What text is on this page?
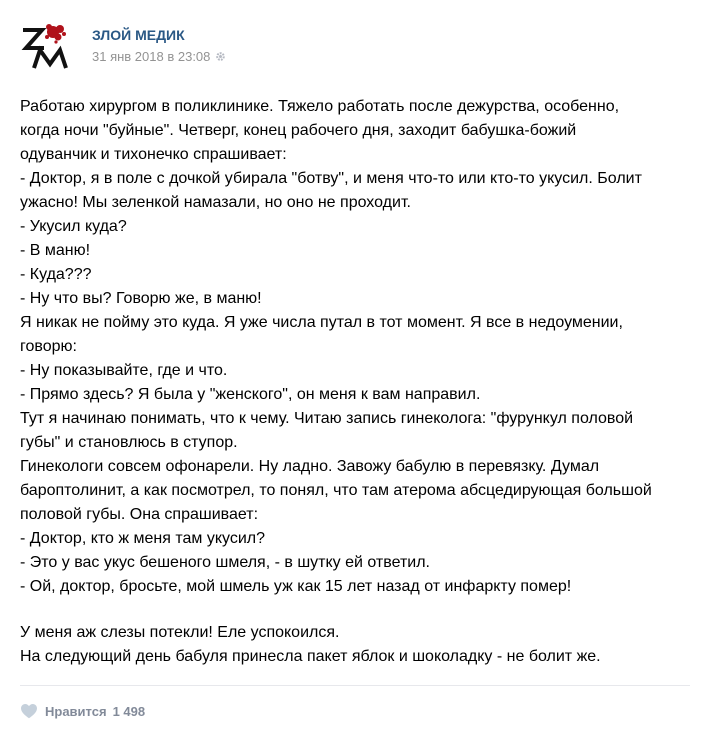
ЗЛОЙ МЕДИК
31 янв 2018 в 23:08

Работаю хирургом в поликлинике. Тяжело работать после дежурства, особенно,

когда ночи "буйные". Четверг, конец рабочего дня, заходит бабушка-божий

одуванчик и тихонечко спрашивает:

- Доктор, я в поле с дочкой убирала "ботву", и меня что-то или кто-то укусил. Болит

ужасно! Мы зеленкой намазали, но оно не проходит.

- Укусил куда?

- В маню!

- Куда???

- Ну что вы? Говорю же, в маню!

Я никак не пойму это куда. Я уже числа путал в тот момент. Я все в недоумении,

говорю:

- Ну показывайте, где и что.

- Прямо здесь? Я была у "женского", он меня к вам направил.

Тут я начинаю понимать, что к чему. Читаю запись гинеколога: "фурункул половой

губы" и становлюсь в ступор.

Гинекологи совсем офонарели. Ну ладно. Завожу бабулю в перевязку. Думал

бароптолинит, а как посмотрел, то понял, что там атерома абсцедирующая большой

половой губы. Она спрашивает:

- Доктор, кто ж меня там укусил?

- Это у вас укус бешеного шмеля, - в шутку ей ответил.

- Ой, доктор, бросьте, мой шмель уж как 15 лет назад от инфаркту помер!

У меня аж слезы потекли! Еле успокоился.

На следующий день бабуля принесла пакет яблок и шоколадку - не болит же.

Нравится 1 498
